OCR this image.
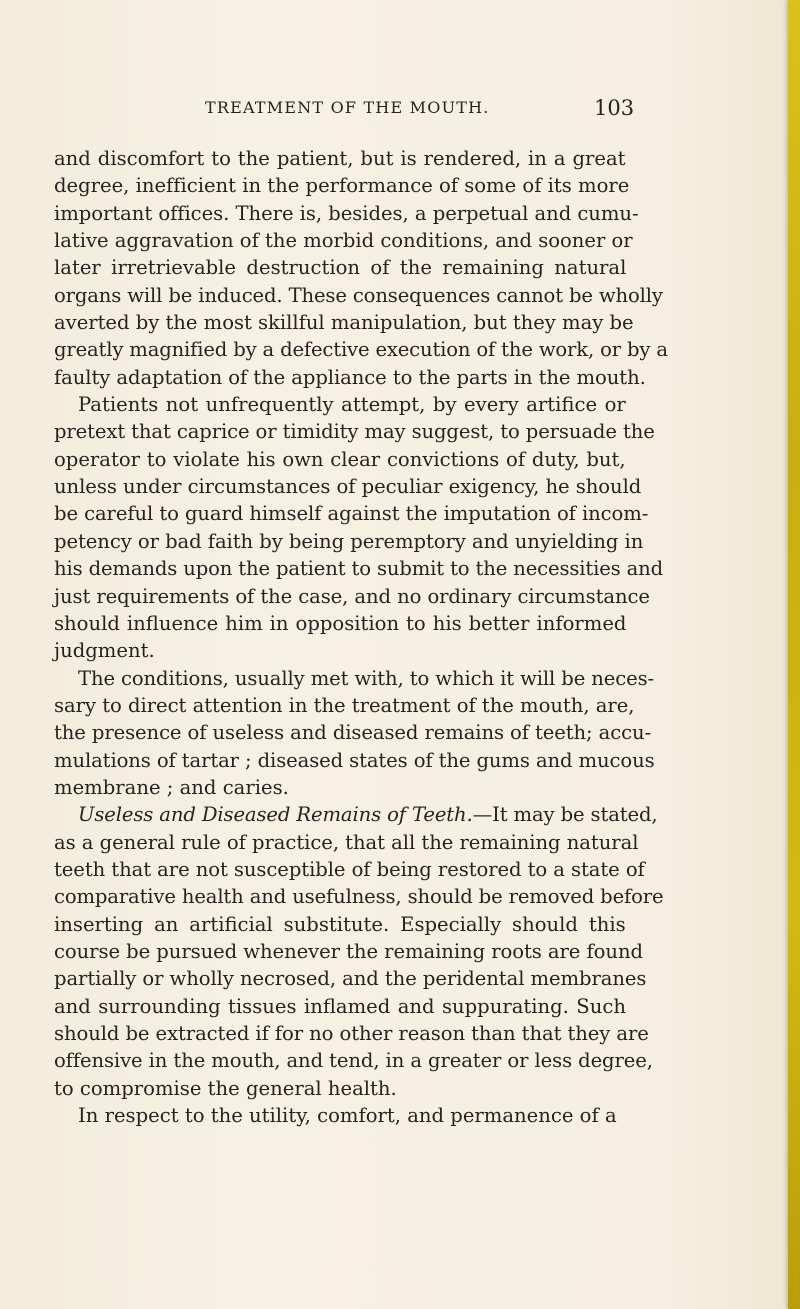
TREATMENT OF THE MOUTH.	103
and discomfort to the patient, but is rendered, in a great
degree, inefficient in the performance of some of its more
important offices. There is, besides, a perpetual and cumu-
lative aggravation of the morbid conditions, and sooner or
later irretrievable destruction of the remaining natural
organs will be induced. These consequences cannot be wholly
averted by the most skillful manipulation, but they may be
greatly magnified by a defective execution of the work, or by a
faulty adaptation of the appliance to the parts in the mouth.
Patients not unfrequently attempt, by every artifice or
pretext that caprice or timidity may suggest, to persuade the
operator to violate his own clear convictions of duty, but,
unless under circumstances of peculiar exigency, he should
be careful to guard himself against the imputation of incom-
petency or bad faith by being peremptory and unyielding in
his demands upon the patient to submit to the necessities and
just requirements of the case, and no ordinary circumstance
should influence him in opposition to his better informed
judgment.
The conditions, usually met with, to which it will be neces-
sary to direct attention in the treatment of the mouth, are,
the presence of useless and diseased remains of teeth; accu-
mulations of tartar ; diseased states of the gums and mucous
membrane ; and caries.
Useless and Diseased Remains of Teeth.—It may be stated,
as a general rule of practice, that all the remaining natural
teeth that are not susceptible of being restored to a state of
comparative health and usefulness, should be removed before
inserting an artificial substitute. Especially should this
course be pursued whenever the remaining roots are found
partially or wholly necrosed, and the peridental membranes
and surrounding tissues inflamed and suppurating. Such
should be extracted if for no other reason than that they are
offensive in the mouth, and tend, in a greater or less degree,
to compromise the general health.
In respect to the utility, comfort, and permanence of a
